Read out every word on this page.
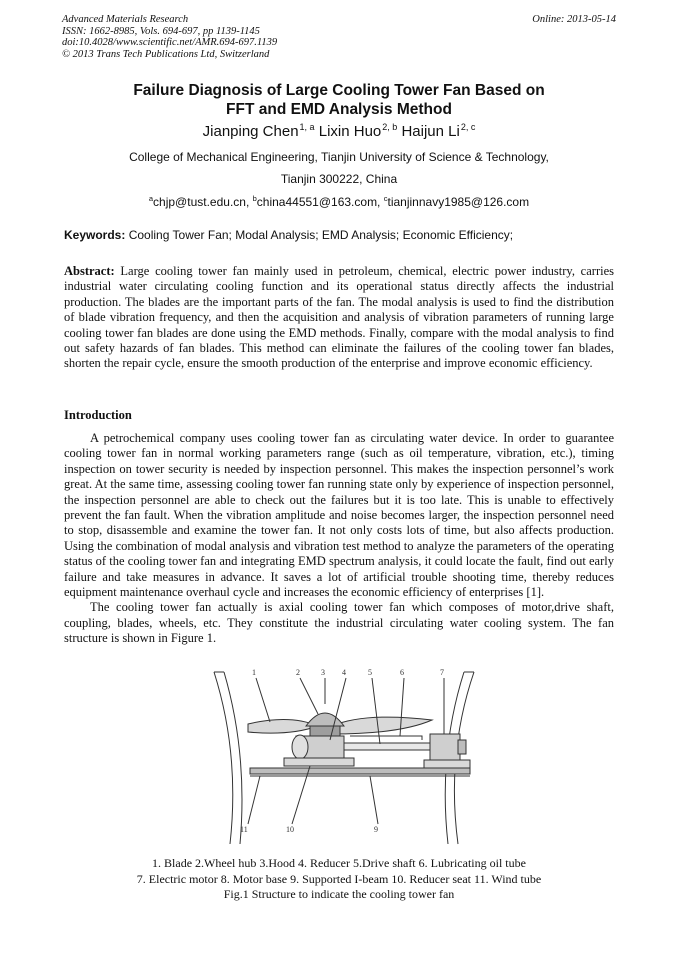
Advanced Materials Research
ISSN: 1662-8985, Vols. 694-697, pp 1139-1145
doi:10.4028/www.scientific.net/AMR.694-697.1139
© 2013 Trans Tech Publications Ltd, Switzerland
Online: 2013-05-14
Failure Diagnosis of Large Cooling Tower Fan Based on
FFT and EMD Analysis Method
Jianping Chen$^{1, a}$ Lixin Huo$^{2, b}$ Haijun Li$^{2, c}$
College of Mechanical Engineering, Tianjin University of Science & Technology,
Tianjin 300222, China
$^a$chjp@tust.edu.cn, $^b$china44551@163.com, $^c$tianjinnavy1985@126.com
Keywords: Cooling Tower Fan; Modal Analysis; EMD Analysis; Economic Efficiency;

Abstract: Large cooling tower fan mainly used in petroleum, chemical, electric power industry, carries industrial water circulating cooling function and its operational status directly affects the industrial production. The blades are the important parts of the fan. The modal analysis is used to find the distribution of blade vibration frequency, and then the acquisition and analysis of vibration parameters of running large cooling tower fan blades are done using the EMD methods. Finally, compare with the modal analysis to find out safety hazards of fan blades. This method can eliminate the failures of the cooling tower fan blades, shorten the repair cycle, ensure the smooth production of the enterprise and improve economic efficiency.

Introduction

A petrochemical company uses cooling tower fan as circulating water device. In order to guarantee cooling tower fan in normal working parameters range (such as oil temperature, vibration, etc.), timing inspection on tower security is needed by inspection personnel. This makes the inspection personnel’s work great. At the same time, assessing cooling tower fan running state only by experience of inspection personnel, the inspection personnel are able to check out the failures but it is too late. This is unable to effectively prevent the fan fault. When the vibration amplitude and noise becomes larger, the inspection personnel need to stop, disassemble and examine the tower fan. It not only costs lots of time, but also affects production. Using the combination of modal analysis and vibration test method to analyze the parameters of the operating status of the cooling tower fan and integrating EMD spectrum analysis, it could locate the fault, find out early failure and take measures in advance. It saves a lot of artificial trouble shooting time, thereby reduces equipment maintenance overhaul cycle and increases the economic efficiency of enterprises [1].

The cooling tower fan actually is axial cooling tower fan which composes of motor,drive shaft, coupling, blades, wheels, etc. They constitute the industrial circulating water cooling system. The fan structure is shown in Figure 1.

1	2	3 4	5	6	7
11	10	9
1. Blade 2.Wheel hub 3.Hood 4. Reducer 5.Drive shaft 6. Lubricating oil tube
7. Electric motor 8. Motor base 9. Supported I-beam 10. Reducer seat 11. Wind tube
Fig.1 Structure to indicate the cooling tower fan
